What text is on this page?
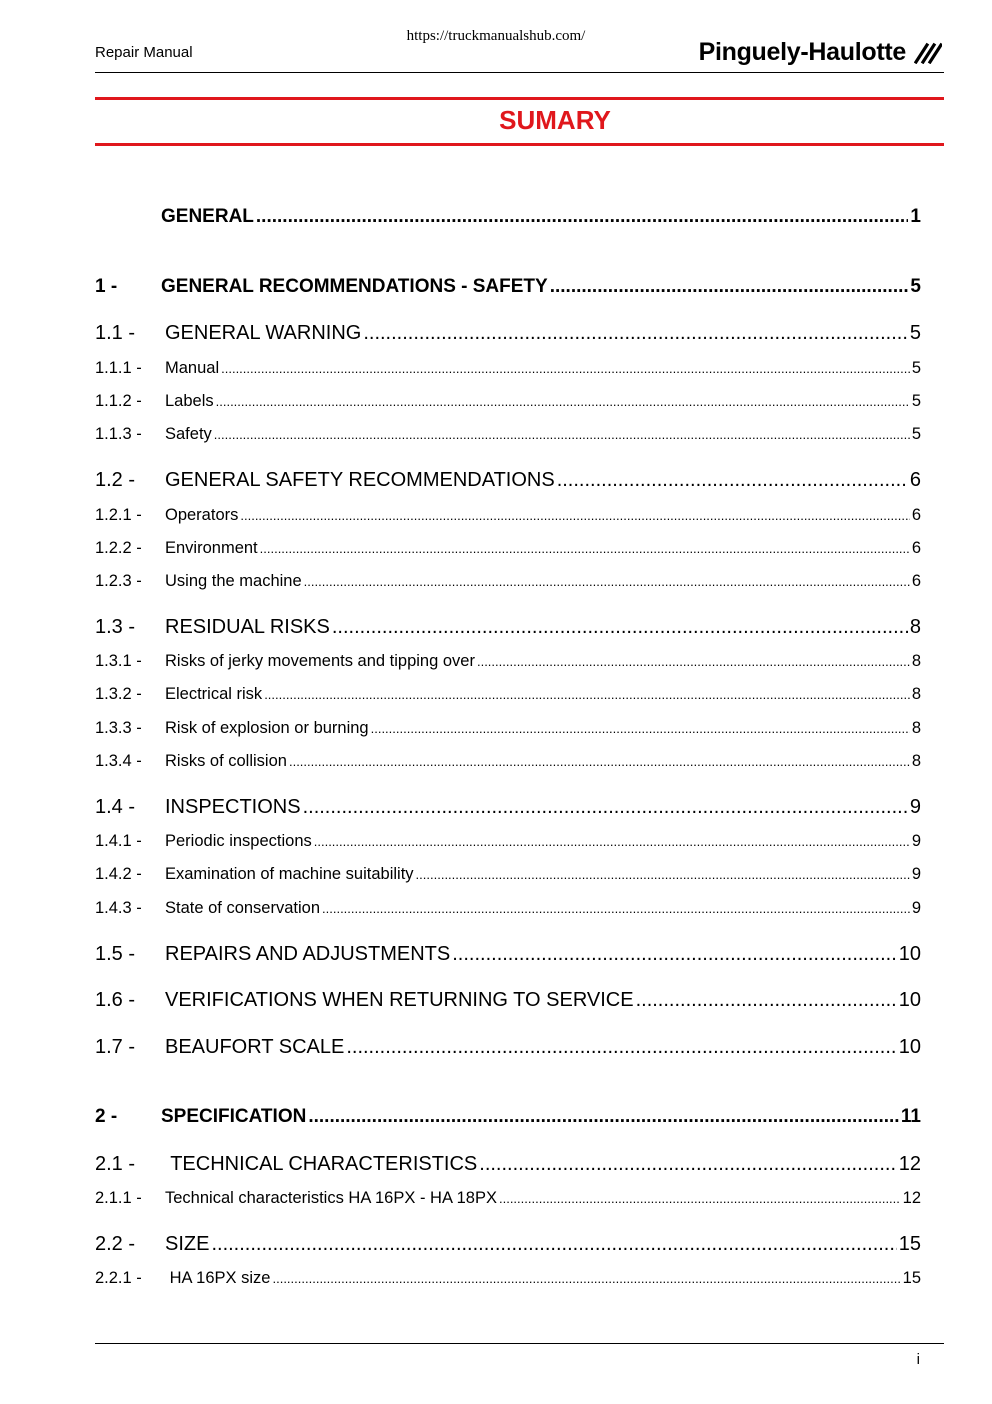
https://truckmanualshub.com/
Repair Manual	Pinguely-Haulotte
SUMARY
GENERAL .....	1
1 -	GENERAL RECOMMENDATIONS - SAFETY .....	5
1.1 -	GENERAL WARNING .....	5
1.1.1 -	Manual .....	5
1.1.2 -	Labels .....	5
1.1.3 -	Safety .....	5
1.2 -	GENERAL SAFETY RECOMMENDATIONS .....	6
1.2.1 -	Operators .....	6
1.2.2 -	Environment .....	6
1.2.3 -	Using the machine .....	6
1.3 -	RESIDUAL RISKS .....	8
1.3.1 -	Risks of jerky movements and tipping over .....	8
1.3.2 -	Electrical risk .....	8
1.3.3 -	Risk of explosion or burning .....	8
1.3.4 -	Risks of collision .....	8
1.4 -	INSPECTIONS .....	9
1.4.1 -	Periodic inspections .....	9
1.4.2 -	Examination of machine suitability .....	9
1.4.3 -	State of conservation .....	9
1.5 -	REPAIRS AND ADJUSTMENTS .....	10
1.6 -	VERIFICATIONS WHEN RETURNING TO SERVICE .....	10
1.7 -	BEAUFORT SCALE .....	10
2 -	SPECIFICATION .....	11
2.1 -	TECHNICAL CHARACTERISTICS .....	12
2.1.1 -	Technical characteristics HA 16PX - HA 18PX .....	12
2.2 -	SIZE .....	15
2.2.1 -	HA 16PX size .....	15
i
